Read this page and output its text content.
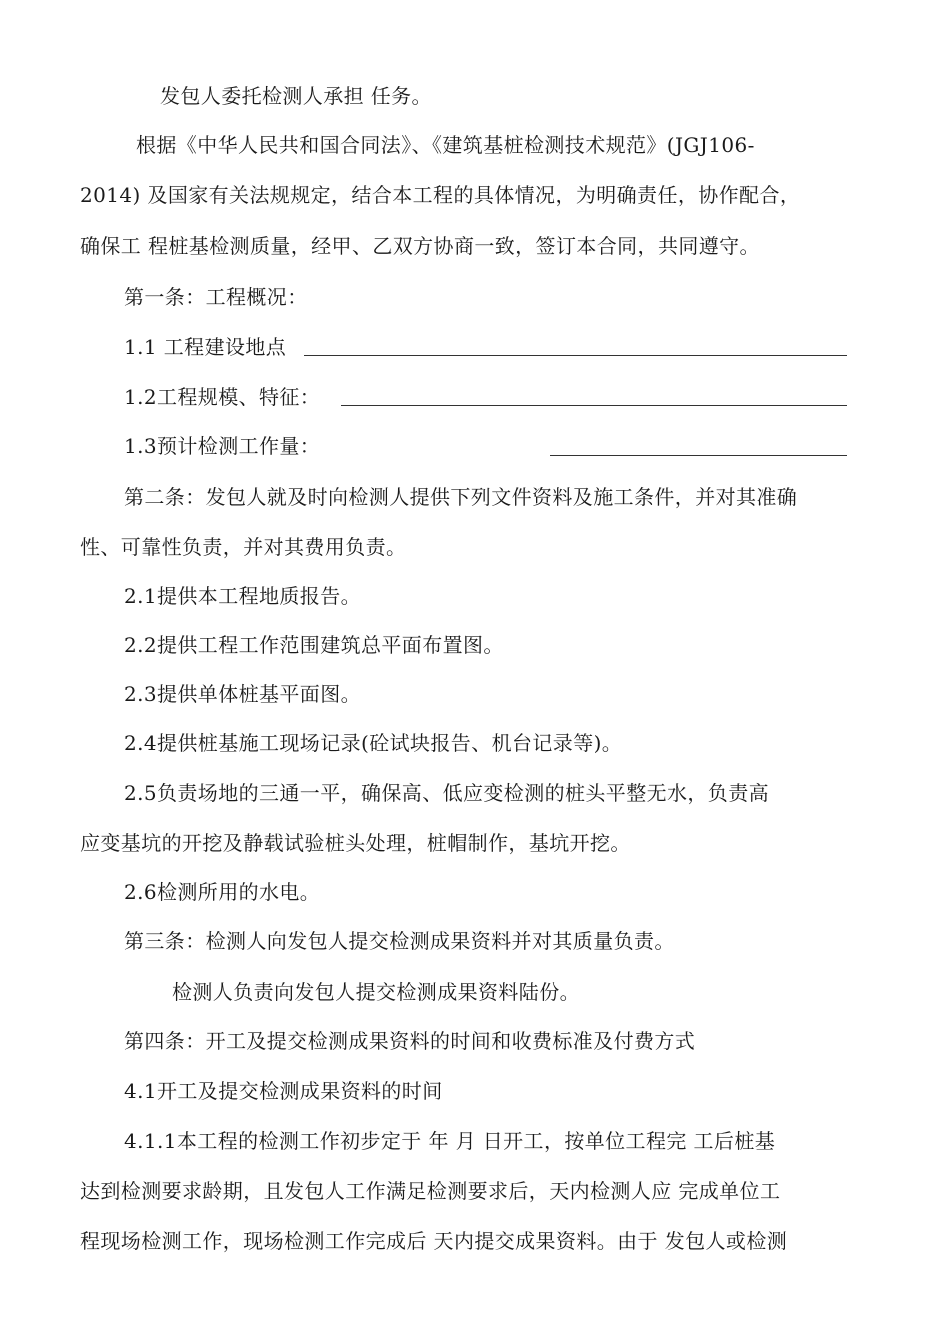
发包人委托检测人承担 任务。
根据《中华人民共和国合同法》、《建筑基桩检测技术规范》(JGJ106-
2014) 及国家有关法规规定，结合本工程的具体情况，为明确责任，协作配合，
确保工 程桩基检测质量，经甲、乙双方协商一致，签订本合同，共同遵守。
第一条：工程概况：
1.1 工程建设地点
1.2工程规模、特征：
1.3预计检测工作量：
第二条：发包人就及时向检测人提供下列文件资料及施工条件，并对其准确
性、可靠性负责，并对其费用负责。
2.1提供本工程地质报告。
2.2提供工程工作范围建筑总平面布置图。
2.3提供单体桩基平面图。
2.4提供桩基施工现场记录(砼试块报告、机台记录等)。
2.5负责场地的三通一平，确保高、低应变检测的桩头平整无水，负责高
应变基坑的开挖及静载试验桩头处理，桩帽制作，基坑开挖。
2.6检测所用的水电。
第三条：检测人向发包人提交检测成果资料并对其质量负责。
检测人负责向发包人提交检测成果资料陆份。
第四条：开工及提交检测成果资料的时间和收费标准及付费方式
4.1开工及提交检测成果资料的时间
4.1.1本工程的检测工作初步定于 年 月 日开工，按单位工程完 工后桩基
达到检测要求龄期，且发包人工作满足检测要求后，天内检测人应 完成单位工
程现场检测工作，现场检测工作完成后 天内提交成果资料。由于 发包人或检测
